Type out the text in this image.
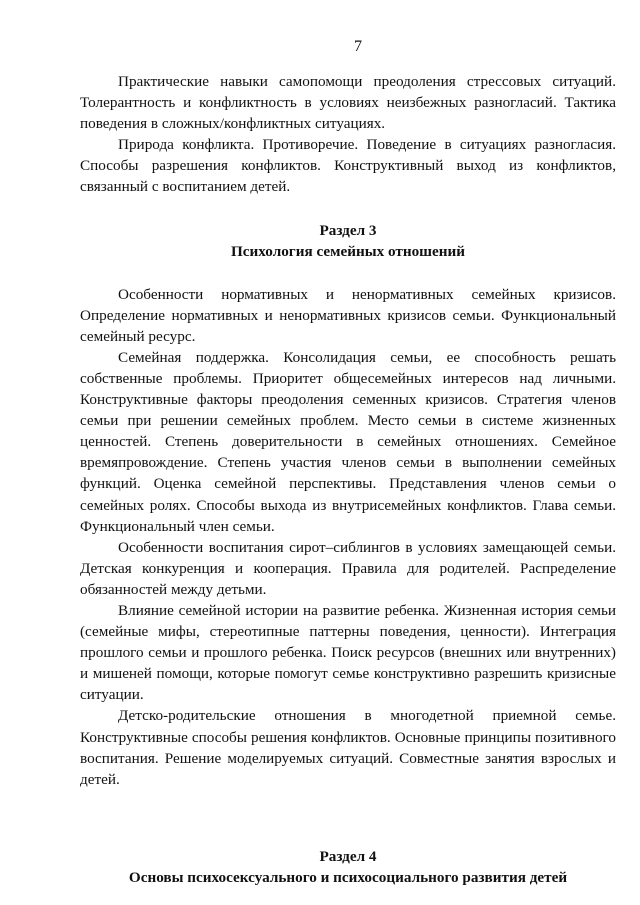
7

Практические навыки самопомощи преодоления стрессовых ситуаций. Толерантность и конфликтность в условиях неизбежных разногласий. Тактика поведения в сложных/конфликтных ситуациях.

Природа конфликта. Противоречие. Поведение в ситуациях разногласия. Способы разрешения конфликтов. Конструктивный выход из конфликтов, связанный с воспитанием детей.

Раздел 3

Психология семейных отношений

Особенности нормативных и ненормативных семейных кризисов. Определение нормативных и ненормативных кризисов семьи. Функциональный семейный ресурс.

Семейная поддержка. Консолидация семьи, ее способность решать собственные проблемы. Приоритет общесемейных интересов над личными. Конструктивные факторы преодоления семенных кризисов. Стратегия членов семьи при решении семейных проблем. Место семьи в системе жизненных ценностей. Степень доверительности в семейных отношениях. Семейное времяпровождение. Степень участия членов семьи в выполнении семейных функций. Оценка семейной перспективы. Представления членов семьи о семейных ролях. Способы выхода из внутрисемейных конфликтов. Глава семьи. Функциональный член семьи.

Особенности воспитания сирот–сиблингов в условиях замещающей семьи. Детская конкуренция и кооперация. Правила для родителей. Распределение обязанностей между детьми.

Влияние семейной истории на развитие ребенка. Жизненная история семьи (семейные мифы, стереотипные паттерны поведения, ценности). Интеграция прошлого семьи и прошлого ребенка. Поиск ресурсов (внешних или внутренних) и мишеней помощи, которые помогут семье конструктивно разрешить кризисные ситуации.

Детско-родительские отношения в многодетной приемной семье. Конструктивные способы решения конфликтов. Основные принципы позитивного воспитания. Решение моделируемых ситуаций. Совместные занятия взрослых и детей.

Раздел 4

Основы психосексуального и психосоциального развития детей
